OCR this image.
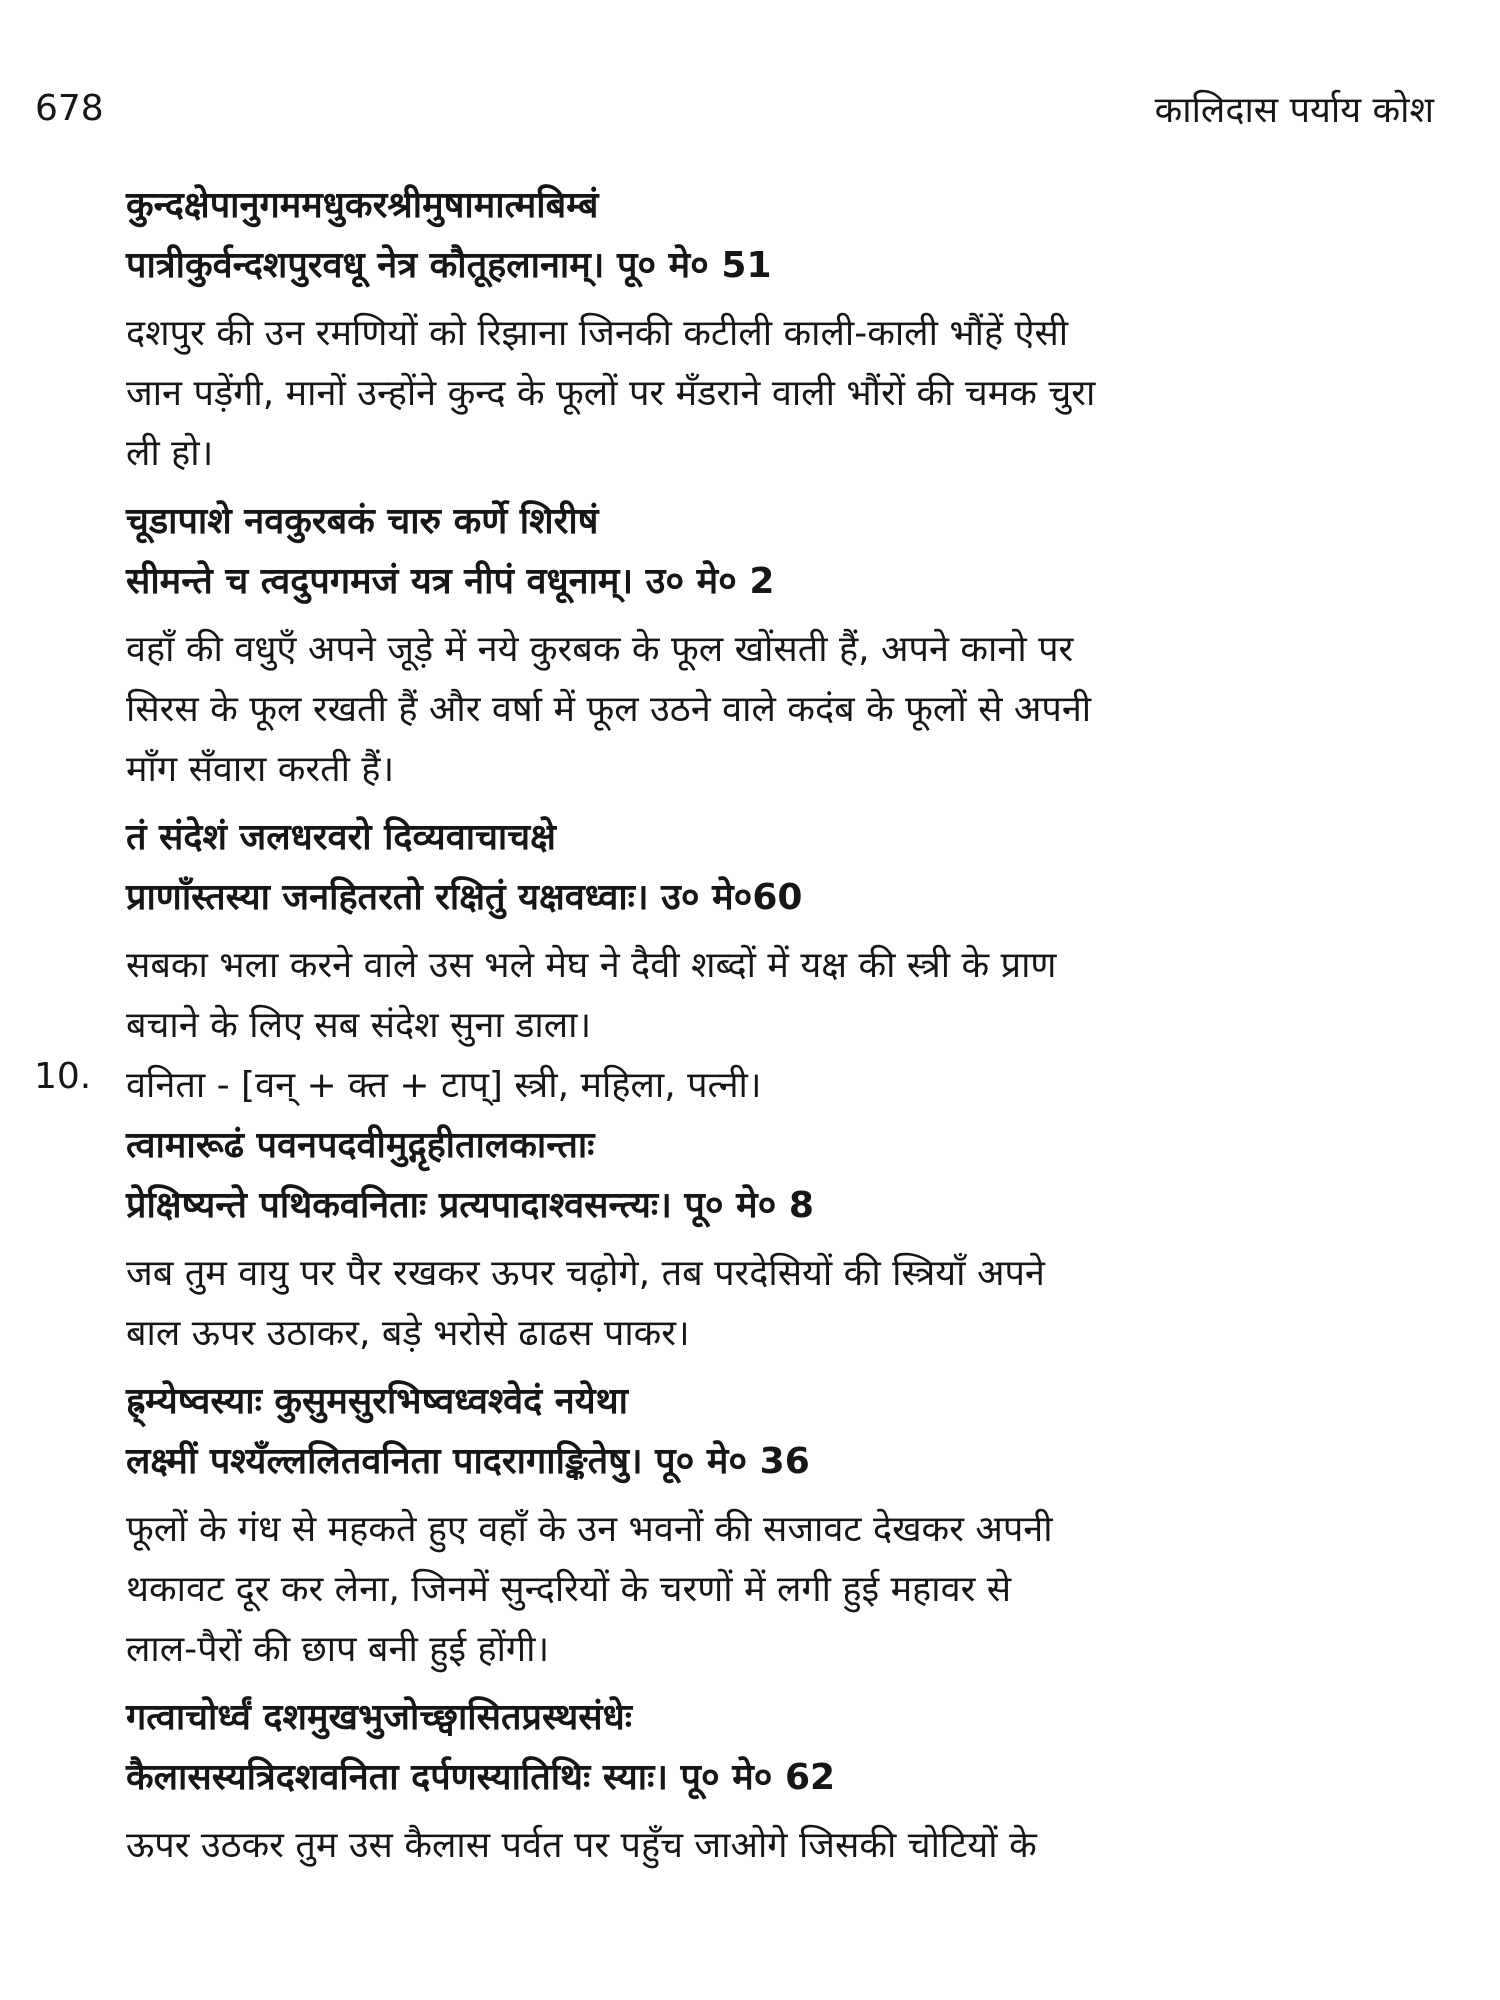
678	कालिदास पर्याय कोश
कुन्दक्षेपानुगममधुकरश्रीमुषामात्मबिम्बं
पात्रीकुर्वन्दशपुरवधू नेत्र कौतूहलानाम्। पू० मे० 51
दशपुर की उन रमणियों को रिझाना जिनकी कटीली काली-काली भौंहें ऐसी
जान पड़ेंगी, मानों उन्होंने कुन्द के फूलों पर मँडराने वाली भौंरों की चमक चुरा
ली हो।
चूडापाशे नवकुरबकं चारु कर्णे शिरीषं
सीमन्ते च त्वदुपगमजं यत्र नीपं वधूनाम्। उ० मे० 2
वहाँ की वधुएँ अपने जूड़े में नये कुरबक के फूल खोंसती हैं, अपने कानो पर
सिरस के फूल रखती हैं और वर्षा में फूल उठने वाले कदंब के फूलों से अपनी
माँग सँवारा करती हैं।
तं संदेशं जलधरवरो दिव्यवाचाचक्षे
प्राणाँस्तस्या जनहितरतो रक्षितुं यक्षवध्वाः। उ० मे०60
सबका भला करने वाले उस भले मेघ ने दैवी शब्दों में यक्ष की स्त्री के प्राण
बचाने के लिए सब संदेश सुना डाला।
10. वनिता - [वन् + क्त + टाप्] स्त्री, महिला, पत्नी।
त्वामारूढं पवनपदवीमुद्गृहीतालकान्ताः
प्रेक्षिष्यन्ते पथिकवनिताः प्रत्यपादाश्वसन्त्यः। पू० मे० 8
जब तुम वायु पर पैर रखकर ऊपर चढ़ोगे, तब परदेसियों की स्त्रियाँ अपने
बाल ऊपर उठाकर, बड़े भरोसे ढाढस पाकर।
ह्र्म्येष्वस्याः कुसुमसुरभिष्वध्वश्वेदं नयेथा
लक्ष्मीं पश्यँल्ललितवनिता पादरागाङ्कितेषु। पू० मे० 36
फूलों के गंध से महकते हुए वहाँ के उन भवनों की सजावट देखकर अपनी
थकावट दूर कर लेना, जिनमें सुन्दरियों के चरणों में लगी हुई महावर से
लाल-पैरों की छाप बनी हुई होंगी।
गत्वाचोर्ध्वं दशमुखभुजोच्छ्वासितप्रस्थसंधेः
कैलासस्यत्रिदशवनिता दर्पणस्यातिथिः स्याः। पू० मे० 62
ऊपर उठकर तुम उस कैलास पर्वत पर पहुँच जाओगे जिसकी चोटियों के
